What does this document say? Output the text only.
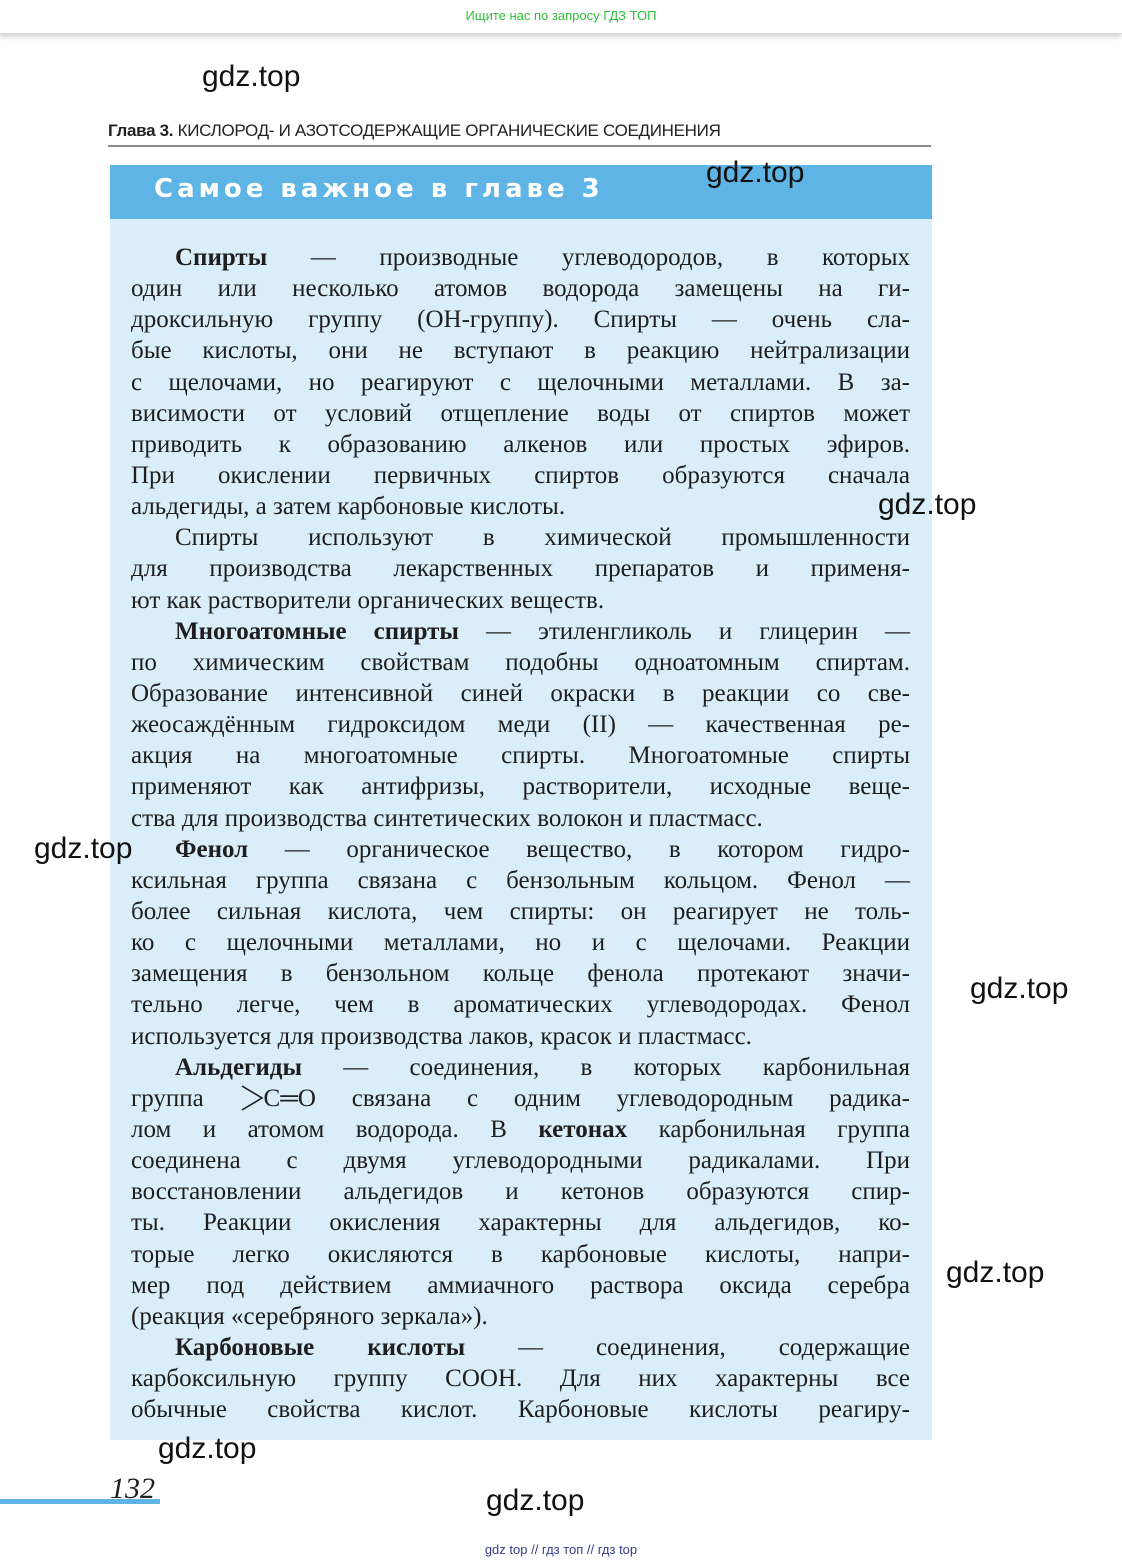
Ищите нас по запросу ГДЗ ТОП
gdz.top
Глава 3. КИСЛОРОД- И АЗОТСОДЕРЖАЩИЕ ОРГАНИЧЕСКИЕ СОЕДИНЕНИЯ
Самое важное в главе 3	gdz.top
Спирты — производные углеводородов, в которых
один или несколько атомов водорода замещены на ги-
дроксильную группу (ОН-группу). Спирты — очень сла-
бые кислоты, они не вступают в реакцию нейтрализации
с щелочами, но реагируют с щелочными металлами. В за-
висимости от условий отщепление воды от спиртов может
приводить к образованию алкенов или простых эфиров.
При окислении первичных спиртов образуются сначала
альдегиды, а затем карбоновые кислоты.
Спирты используют в химической промышленности
для производства лекарственных препаратов и применя-
ют как растворители органических веществ.
Многоатомные спирты — этиленгликоль и глицерин —
по химическим свойствам подобны одноатомным спиртам.
Образование интенсивной синей окраски в реакции со све-
жеосаждённым гидроксидом меди (II) — качественная ре-
акция на многоатомные спирты. Многоатомные спирты
применяют как антифризы, растворители, исходные веще-
ства для производства синтетических волокон и пластмасс.
Фенол — органическое вещество, в котором гидро-
ксильная группа связана с бензольным кольцом. Фенол —
более сильная кислота, чем спирты: он реагирует не толь-
ко с щелочными металлами, но и с щелочами. Реакции
замещения в бензольном кольце фенола протекают значи-
тельно легче, чем в ароматических углеводородах. Фенол
используется для производства лаков, красок и пластмасс.
Альдегиды — соединения, в которых карбонильная
группа C═O связана с одним углеводородным радика-
лом и атомом водорода. В кетонах карбонильная группа
соединена с двумя углеводородными радикалами. При
восстановлении альдегидов и кетонов образуются спир-
ты. Реакции окисления характерны для альдегидов, ко-
торые легко окисляются в карбоновые кислоты, напри-
мер под действием аммиачного раствора оксида серебра
(реакция «серебряного зеркала»).
Карбоновые кислоты — соединения, содержащие
карбоксильную группу СООН. Для них характерны все
обычные свойства кислот. Карбоновые кислоты реагиру-
gdz.top
gdz.top
gdz.top
gdz.top
gdz.top
gdz.top
132
gdz top // гдз топ // гдз top
